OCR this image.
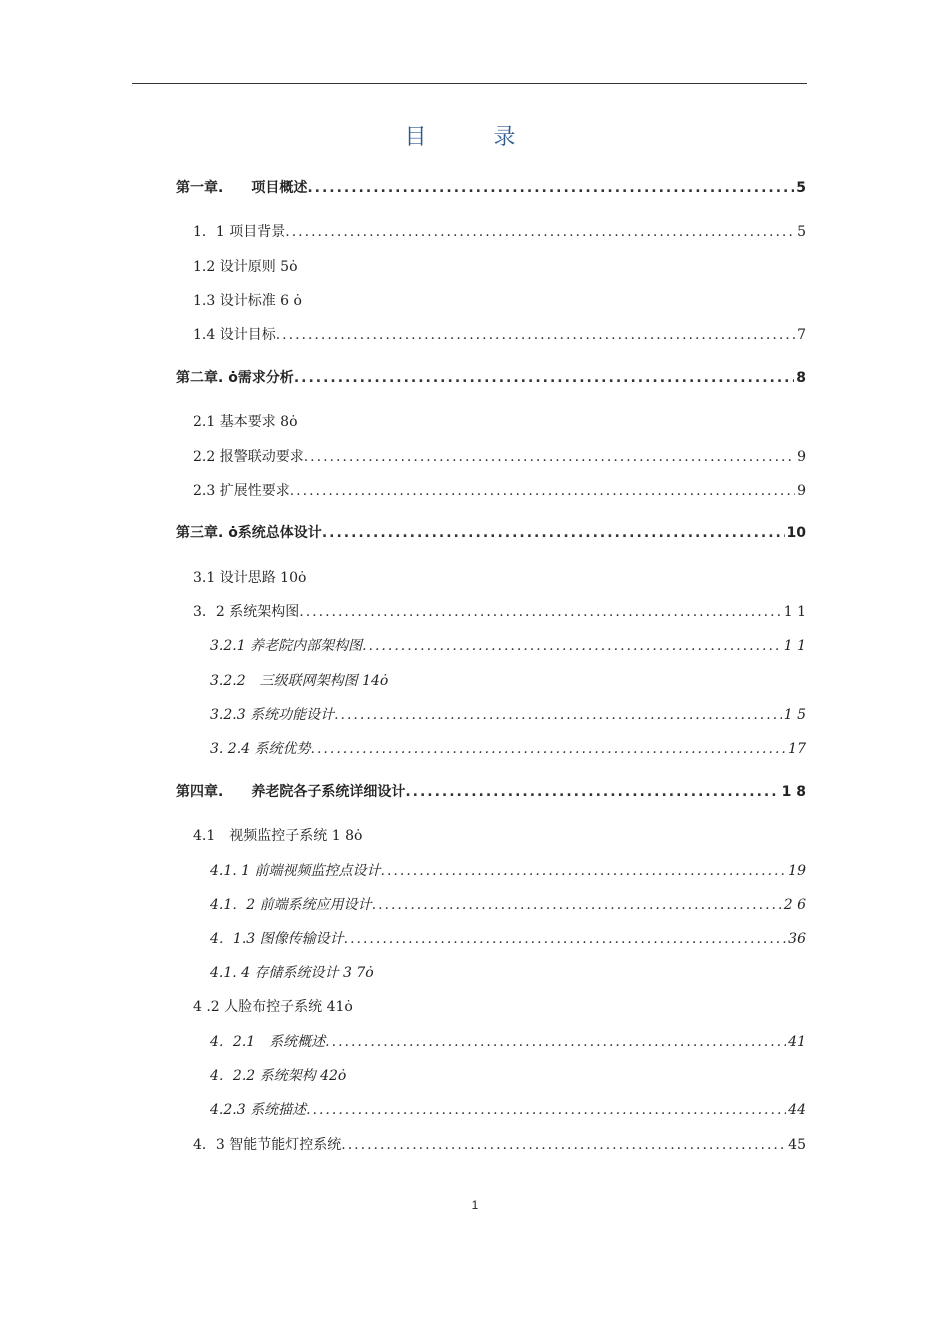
目 录
第一章.　　项目概述 .....	5
1．1 项目背景 .....	5
1.2 设计原则 5ȯ
1.3 设计标准 6 ȯ
1.4 设计目标 .....	7
第二章. ȯ需求分析 .....	8
2.1 基本要求 8ȯ
2.2 报警联动要求 .....	9
2.3 扩展性要求 .....	9
第三章. ȯ系统总体设计 .....	10
3.1 设计思路 10ȯ
3．2 系统架构图 .....	1 1
3.2.1 养老院内部架构图 .....	1 1
3.2.2　三级联网架构图 14ȯ
3.2.3 系统功能设计 .....	1 5
3. 2.4 系统优势 .....	17
第四章.　　养老院各子系统详细设计 .....	1 8
4.1　视频监控子系统 1 8ȯ
4.1. 1 前端视频监控点设计 .....	19
4.1．2 前端系统应用设计 .....	2 6
4．1.3 图像传输设计 .....	36
4.1. 4 存储系统设计 3 7ȯ
4 .2 人脸布控子系统 41ȯ
4．2.1　系统概述 .....	41
4．2.2 系统架构 42ȯ
4.2.3 系统描述 .....	44
4．3 智能节能灯控系统 .....	45
1
